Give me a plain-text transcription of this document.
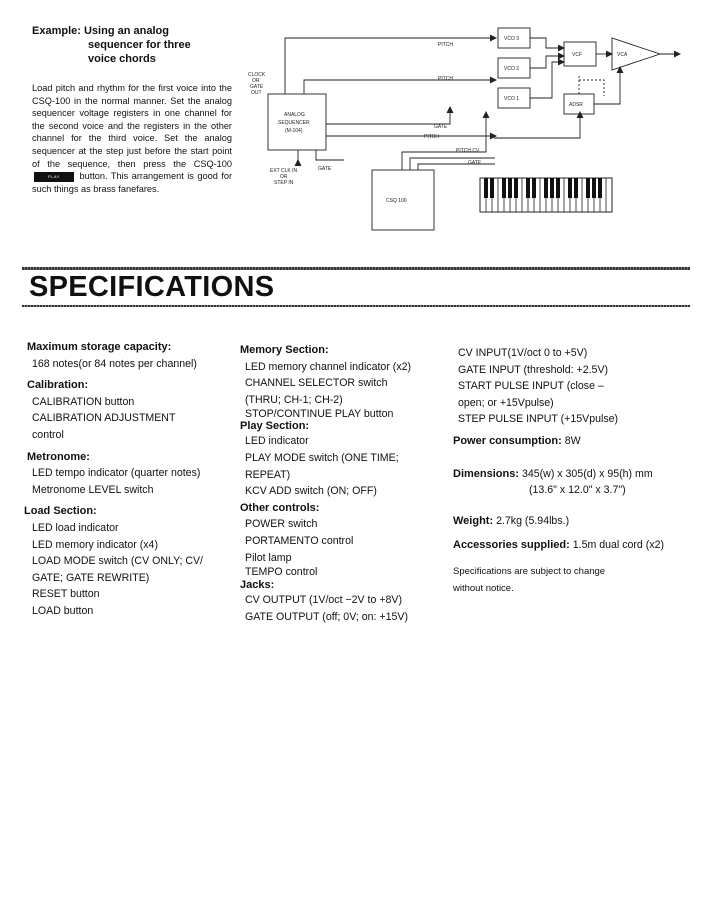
Example: Using an analog
sequencer for three
voice chords
Load pitch and rhythm for the first voice into the CSQ-100 in the normal manner. Set the analog sequencer voltage registers in one channel for the second voice and the registers in the other channel for the third voice. Set the analog sequencer at the step just before the start point of the sequence, then press the CSQ-100 PLAY button. This arrangement is good for such things as brass fanefares.
VCO 3
VCO 2
VCO 1
VCF	VCA
ADSR
ANALOG
SEQUENCER
(M-104)
CSQ 100
PITCH
PITCH
GATE
PITCH
PITCH CV
GATE
GATE
CLOCK
OR
GATE
OUT
EXT CLK IN
OR
STEP IN
SPECIFICATIONS
Maximum storage capacity:
168 notes(or 84 notes per channel)
Calibration:
CALIBRATION button
CALIBRATION ADJUSTMENT
control
Metronome:
LED tempo indicator (quarter notes)
Metronome LEVEL switch
Load Section:
LED load indicator
LED memory indicator (x4)
LOAD MODE switch (CV ONLY; CV/
GATE; GATE REWRITE)
RESET button
LOAD button
Memory Section:
LED memory channel indicator (x2)
CHANNEL SELECTOR switch
(THRU; CH-1; CH-2)
STOP/CONTINUE PLAY button
Play Section:
LED indicator
PLAY MODE switch (ONE TIME;
REPEAT)
KCV ADD switch (ON; OFF)
Other controls:
POWER switch
PORTAMENTO control
Pilot lamp
TEMPO control
Jacks:
CV OUTPUT (1V/oct −2V to +8V)
GATE OUTPUT (off; 0V; on: +15V)
CV INPUT(1V/oct 0 to +5V)
GATE INPUT (threshold: +2.5V)
START PULSE INPUT (close –
open; or +15Vpulse)
STEP PULSE INPUT (+15Vpulse)
Power consumption: 8W
Dimensions: 345(w) x 305(d) x 95(h) mm
(13.6" x 12.0" x 3.7")
Weight: 2.7kg (5.94lbs.)
Accessories supplied: 1.5m dual cord (x2)
Specifications are subject to change
without notice.
